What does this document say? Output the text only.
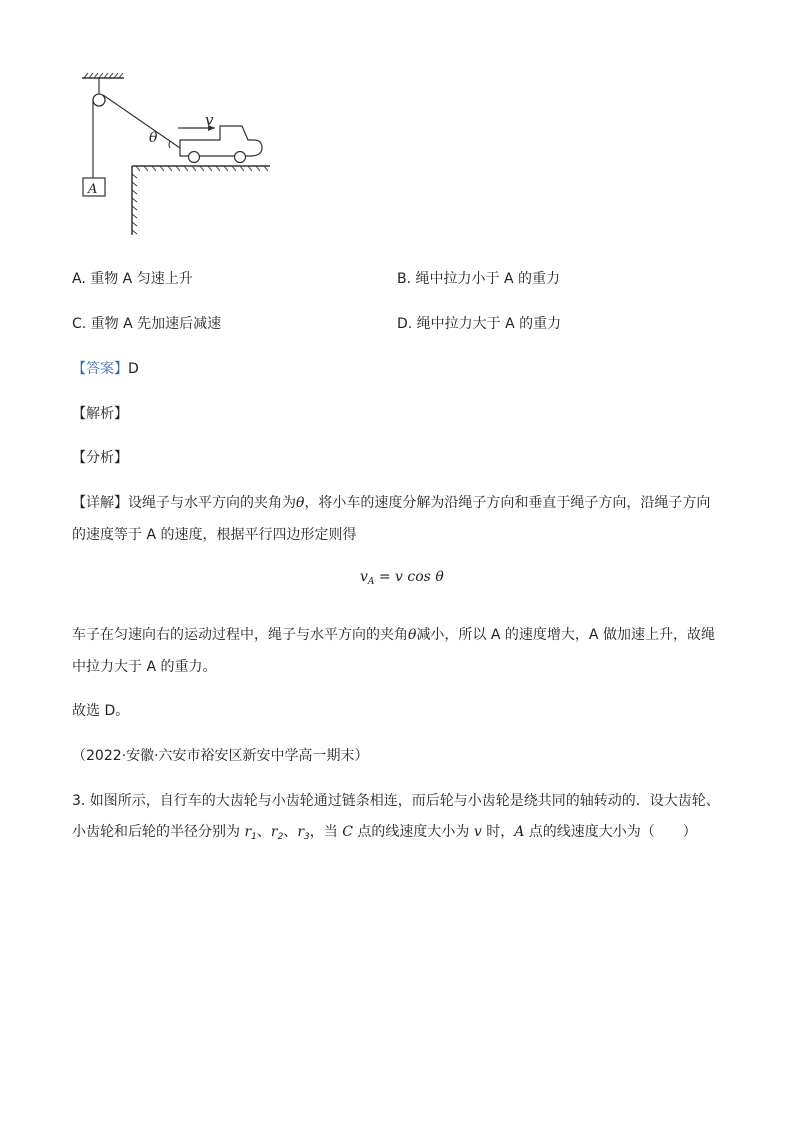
A
v
θ
A. 重物 A 匀速上升	B. 绳中拉力小于 A 的重力
C. 重物 A 先加速后减速	D. 绳中拉力大于 A 的重力
【答案】D
【解析】
【分析】
【详解】设绳子与水平方向的夹角为θ，将小车的速度分解为沿绳子方向和垂直于绳子方向，沿绳子方向
的速度等于 A 的速度，根据平行四边形定则得
$v_A = v$ cos θ
车子在匀速向右的运动过程中，绳子与水平方向的夹角θ减小，所以 A 的速度增大，A 做加速上升，故绳
中拉力大于 A 的重力。
故选 D。
（2022·安徽·六安市裕安区新安中学高一期末）
3. 如图所示，自行车的大齿轮与小齿轮通过链条相连，而后轮与小齿轮是绕共同的轴转动的．设大齿轮、
小齿轮和后轮的半径分别为 $r_1$、$r_2$、$r_3$，当 C 点的线速度大小为 v 时，A 点的线速度大小为（　　）
